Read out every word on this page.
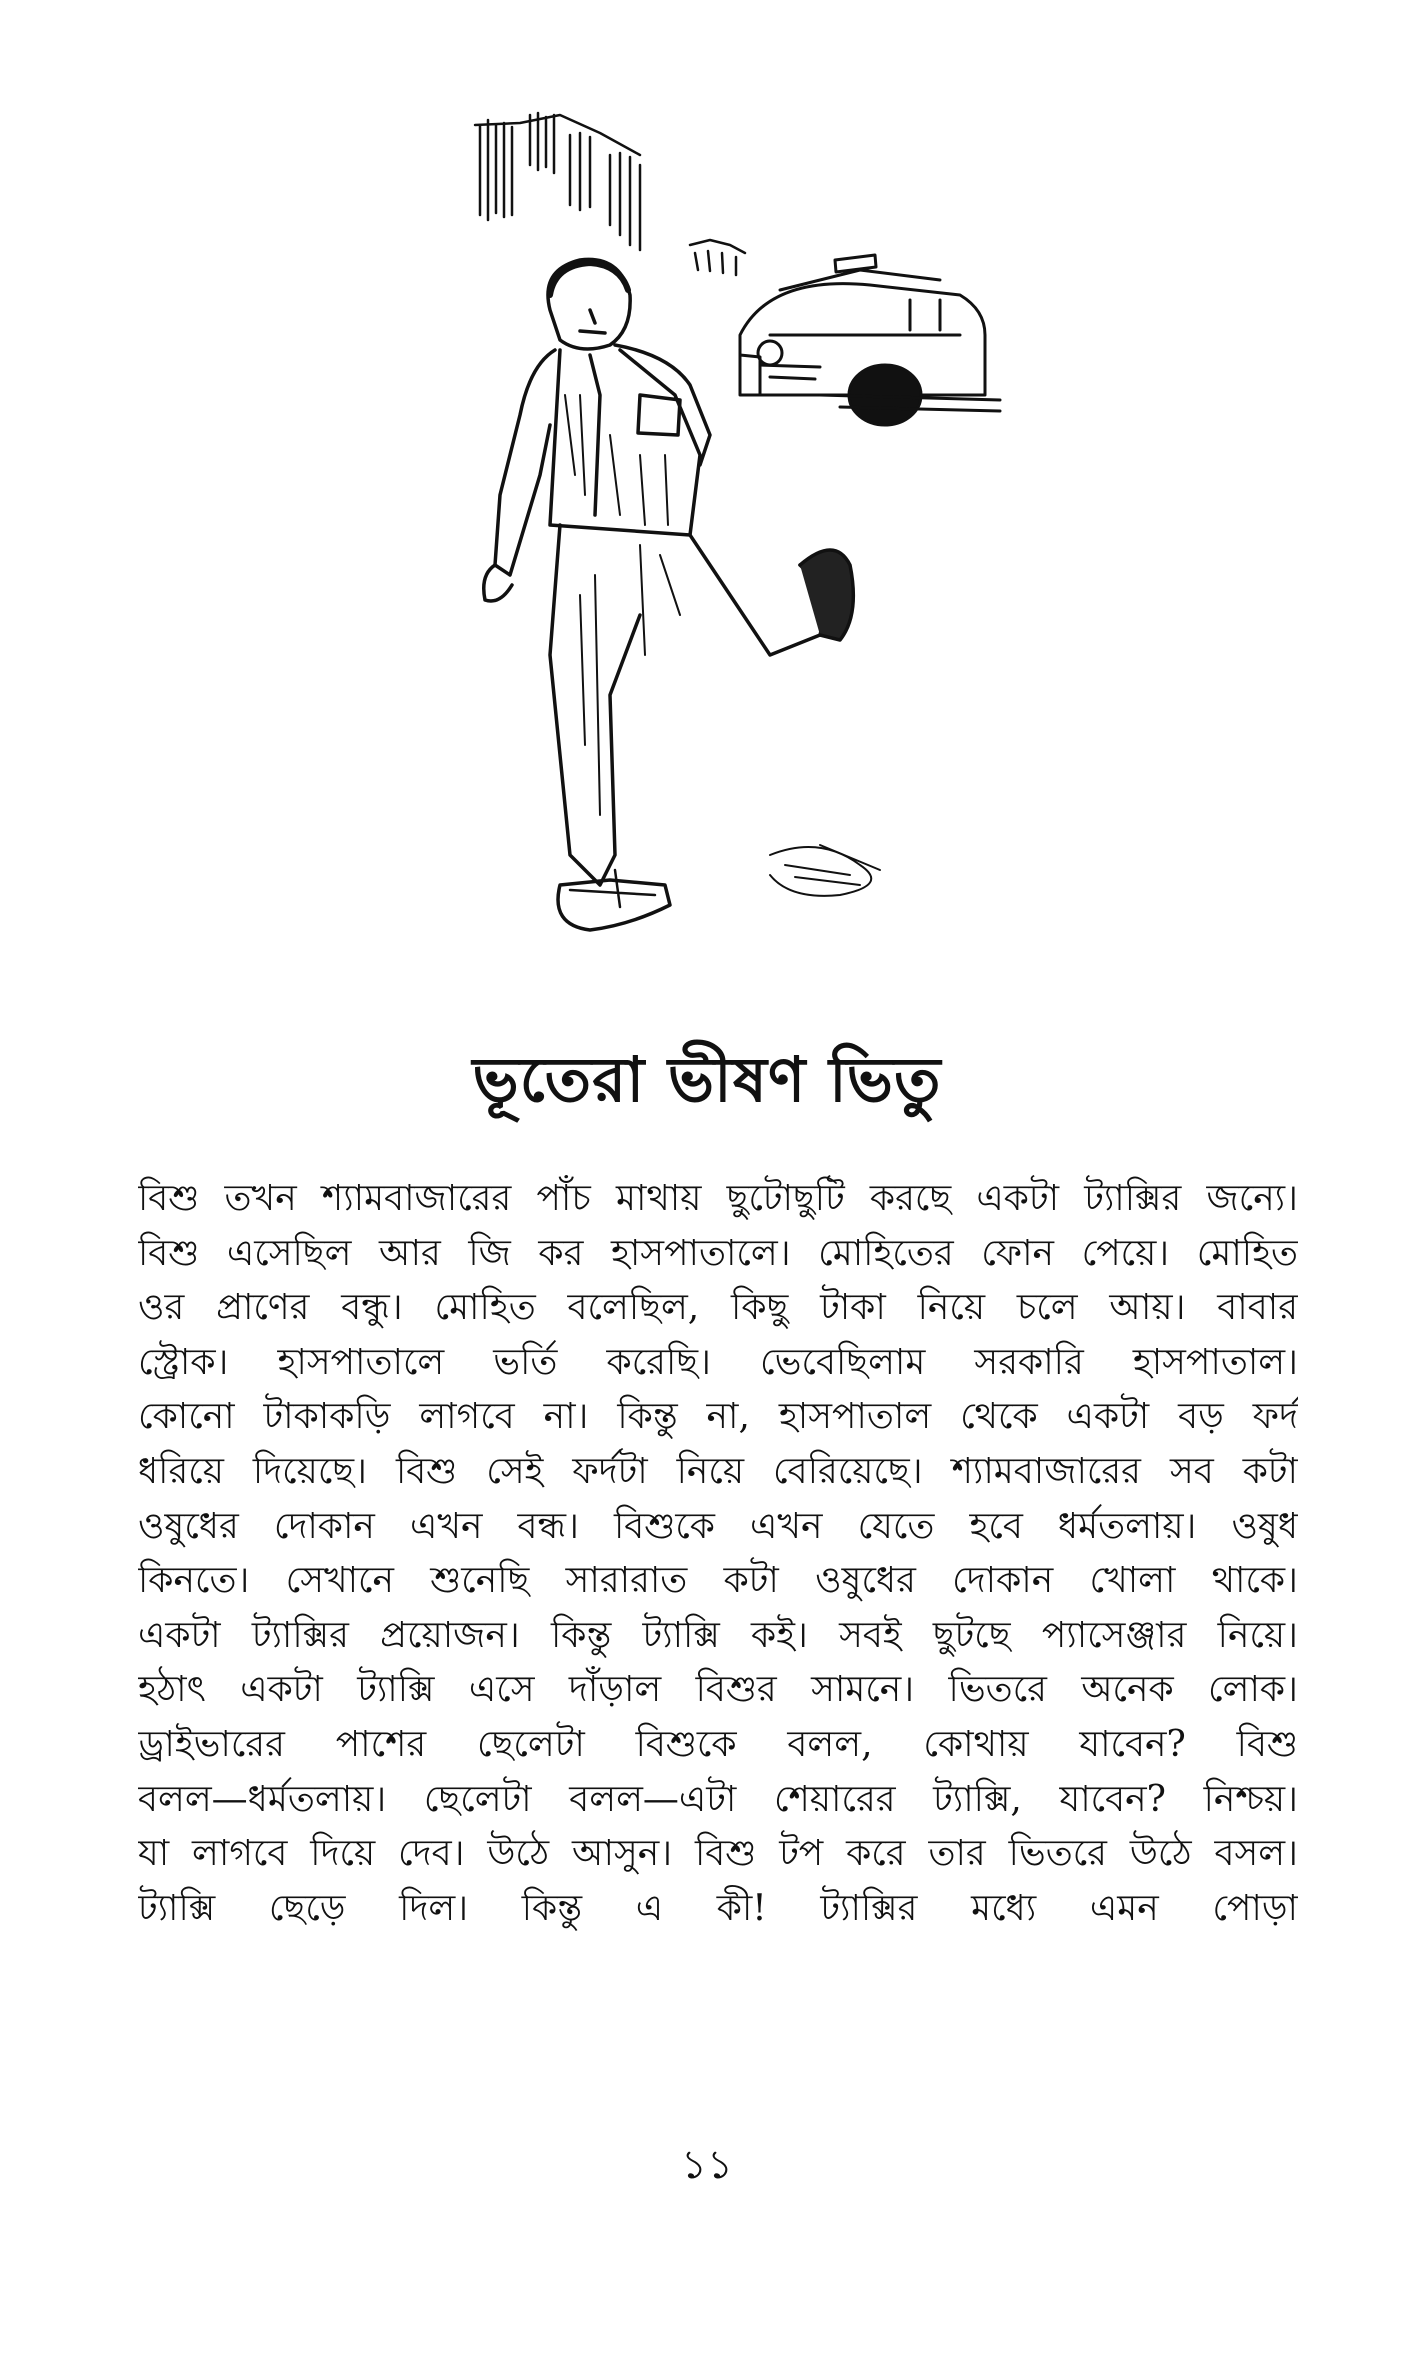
ভূতেরা ভীষণ ভিতু
বিশু তখন শ্যামবাজারের পাঁচ মাথায় ছুটোছুটি করছে একটা ট্যাক্সির জন্যে।
বিশু এসেছিল আর জি কর হাসপাতালে। মোহিতের ফোন পেয়ে। মোহিত
ওর প্রাণের বন্ধু। মোহিত বলেছিল, কিছু টাকা নিয়ে চলে আয়। বাবার
স্ট্রোক। হাসপাতালে ভর্তি করেছি। ভেবেছিলাম সরকারি হাসপাতাল।
কোনো টাকাকড়ি লাগবে না। কিন্তু না, হাসপাতাল থেকে একটা বড় ফর্দ
ধরিয়ে দিয়েছে। বিশু সেই ফর্দটা নিয়ে বেরিয়েছে। শ্যামবাজারের সব কটা
ওষুধের দোকান এখন বন্ধ। বিশুকে এখন যেতে হবে ধর্মতলায়। ওষুধ
কিনতে। সেখানে শুনেছি সারারাত কটা ওষুধের দোকান খোলা থাকে।
একটা ট্যাক্সির প্রয়োজন। কিন্তু ট্যাক্সি কই। সবই ছুটছে প্যাসেঞ্জার নিয়ে।
হঠাৎ একটা ট্যাক্সি এসে দাঁড়াল বিশুর সামনে। ভিতরে অনেক লোক।
ড্রাইভারের পাশের ছেলেটা বিশুকে বলল, কোথায় যাবেন? বিশু
বলল—ধর্মতলায়। ছেলেটা বলল—এটা শেয়ারের ট্যাক্সি, যাবেন? নিশ্চয়।
যা লাগবে দিয়ে দেব। উঠে আসুন। বিশু টপ করে তার ভিতরে উঠে বসল।
ট্যাক্সি ছেড়ে দিল। কিন্তু এ কী! ট্যাক্সির মধ্যে এমন পোড়া
১১
